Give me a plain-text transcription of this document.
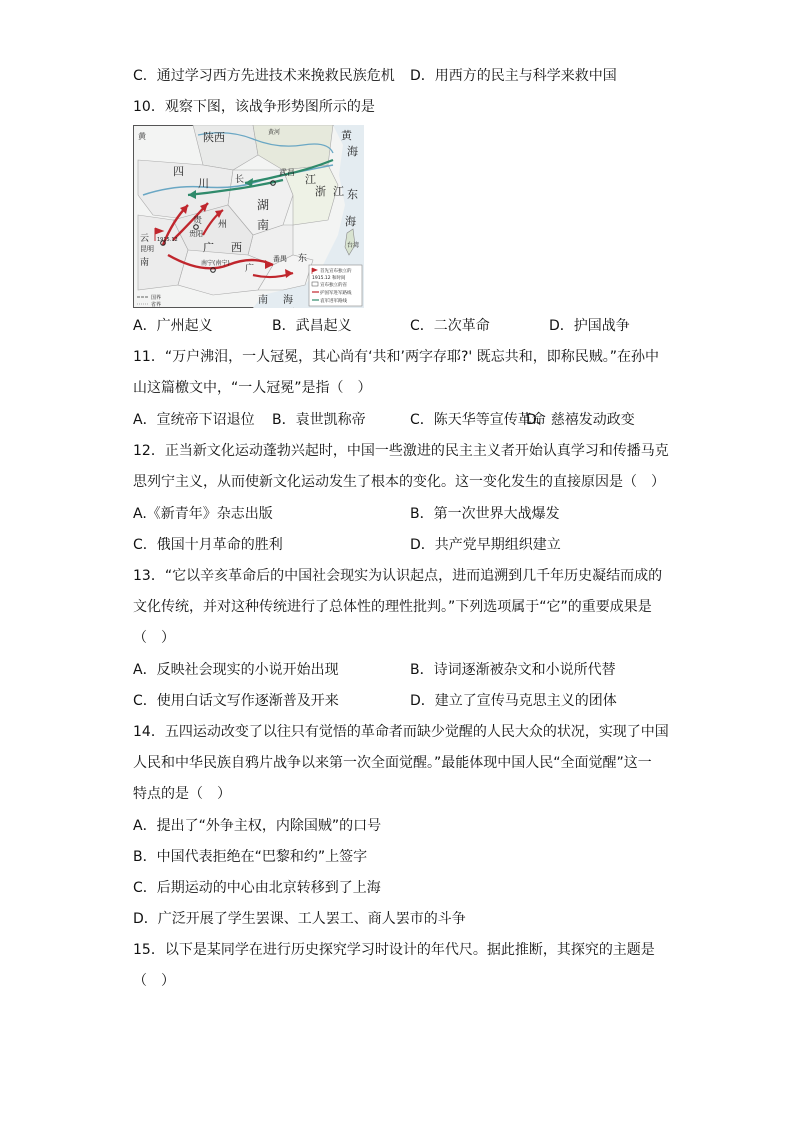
C．通过学习西方先进技术来挽救民族危机 D．用西方的民主与科学来救中国
10．观察下图，该战争形势图所示的是
黄	陕西	黄河	黄
海
四
川	长
武昌
江
浙 江 东
海
湖
南
贵
贵阳
州
云
昆明
1915.12
南
广 西
南宁(南宁)
广
番禺 东
台湾
南 海
首先宣布独立的
1915.12 和时间
宣布独立的省
护国军进军路线
袁军进军路线
国界
省界
A．广州起义	B．武昌起义	C．二次革命	D．护国战争
11．“万户沸泪，一人冠冕，其心尚有‘共和’两字存耶?' 既忘共和，即称民贼。”在孙中
山这篇檄文中，“一人冠冕”是指（　）
A．宣统帝下诏退位 B．袁世凯称帝	C．陈天华等宣传革命
D．慈禧发动政变
12．正当新文化运动蓬勃兴起时，中国一些激进的民主主义者开始认真学习和传播马克
思列宁主义，从而使新文化运动发生了根本的变化。这一变化发生的直接原因是（　）
A.《新青年》杂志出版	B．第一次世界大战爆发
C．俄国十月革命的胜利	D．共产党早期组织建立
13．“它以辛亥革命后的中国社会现实为认识起点，进而追溯到几千年历史凝结而成的
文化传统，并对这种传统进行了总体性的理性批判。”下列选项属于“它”的重要成果是
（　）
A．反映社会现实的小说开始出现	B．诗词逐渐被杂文和小说所代替
C．使用白话文写作逐渐普及开来	D．建立了宣传马克思主义的团体
14．五四运动改变了以往只有觉悟的革命者而缺少觉醒的人民大众的状况，实现了中国
人民和中华民族自鸦片战争以来第一次全面觉醒。”最能体现中国人民“全面觉醒”这一
特点的是（　）
A．提出了“外争主权，内除国贼”的口号
B．中国代表拒绝在“巴黎和约”上签字
C．后期运动的中心由北京转移到了上海
D．广泛开展了学生罢课、工人罢工、商人罢市的斗争
15．以下是某同学在进行历史探究学习时设计的年代尺。据此推断，其探究的主题是
（　）
